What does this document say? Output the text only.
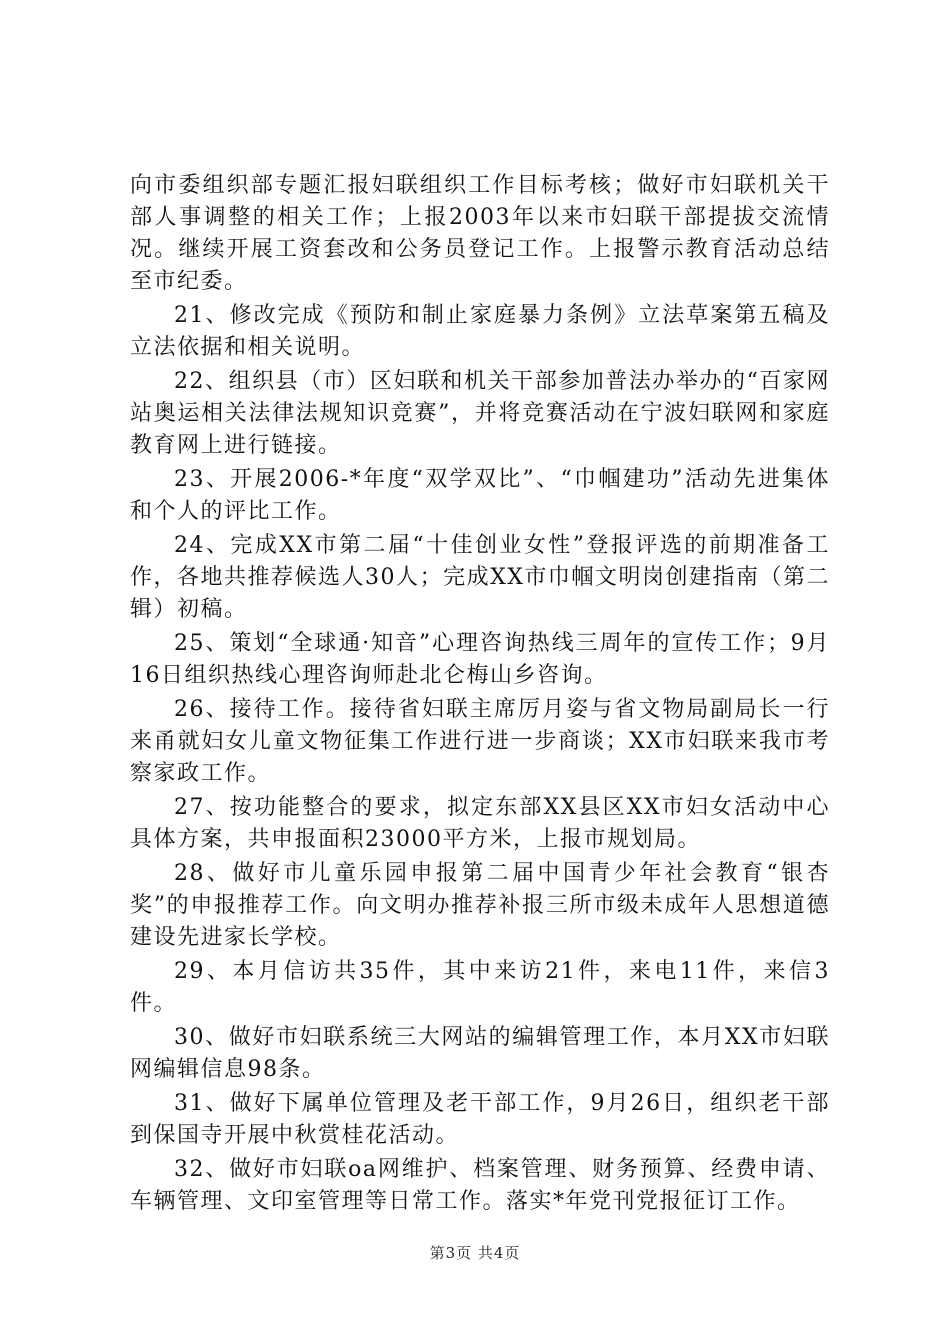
向市委组织部专题汇报妇联组织工作目标考核；做好市妇联机关干部人事调整的相关工作；上报2003年以来市妇联干部提拔交流情况。继续开展工资套改和公务员登记工作。上报警示教育活动总结至市纪委。

21、修改完成《预防和制止家庭暴力条例》立法草案第五稿及立法依据和相关说明。

22、组织县（市）区妇联和机关干部参加普法办举办的“百家网站奥运相关法律法规知识竞赛”，并将竞赛活动在宁波妇联网和家庭教育网上进行链接。

23、开展2006-*年度“双学双比”、“巾帼建功”活动先进集体和个人的评比工作。

24、完成XX市第二届“十佳创业女性”登报评选的前期准备工作，各地共推荐候选人30人；完成XX市巾帼文明岗创建指南（第二辑）初稿。

25、策划“全球通·知音”心理咨询热线三周年的宣传工作；9月16日组织热线心理咨询师赴北仑梅山乡咨询。

26、接待工作。接待省妇联主席厉月姿与省文物局副局长一行来甬就妇女儿童文物征集工作进行进一步商谈；XX市妇联来我市考察家政工作。

27、按功能整合的要求，拟定东部XX县区XX市妇女活动中心具体方案，共申报面积23000平方米，上报市规划局。

28、做好市儿童乐园申报第二届中国青少年社会教育“银杏奖”的申报推荐工作。向文明办推荐补报三所市级未成年人思想道德建设先进家长学校。

29、本月信访共35件，其中来访21件，来电11件，来信3件。

30、做好市妇联系统三大网站的编辑管理工作，本月XX市妇联网编辑信息98条。

31、做好下属单位管理及老干部工作，9月26日，组织老干部到保国寺开展中秋赏桂花活动。

32、做好市妇联oa网维护、档案管理、财务预算、经费申请、车辆管理、文印室管理等日常工作。落实*年党刊党报征订工作。

第3页 共4页
